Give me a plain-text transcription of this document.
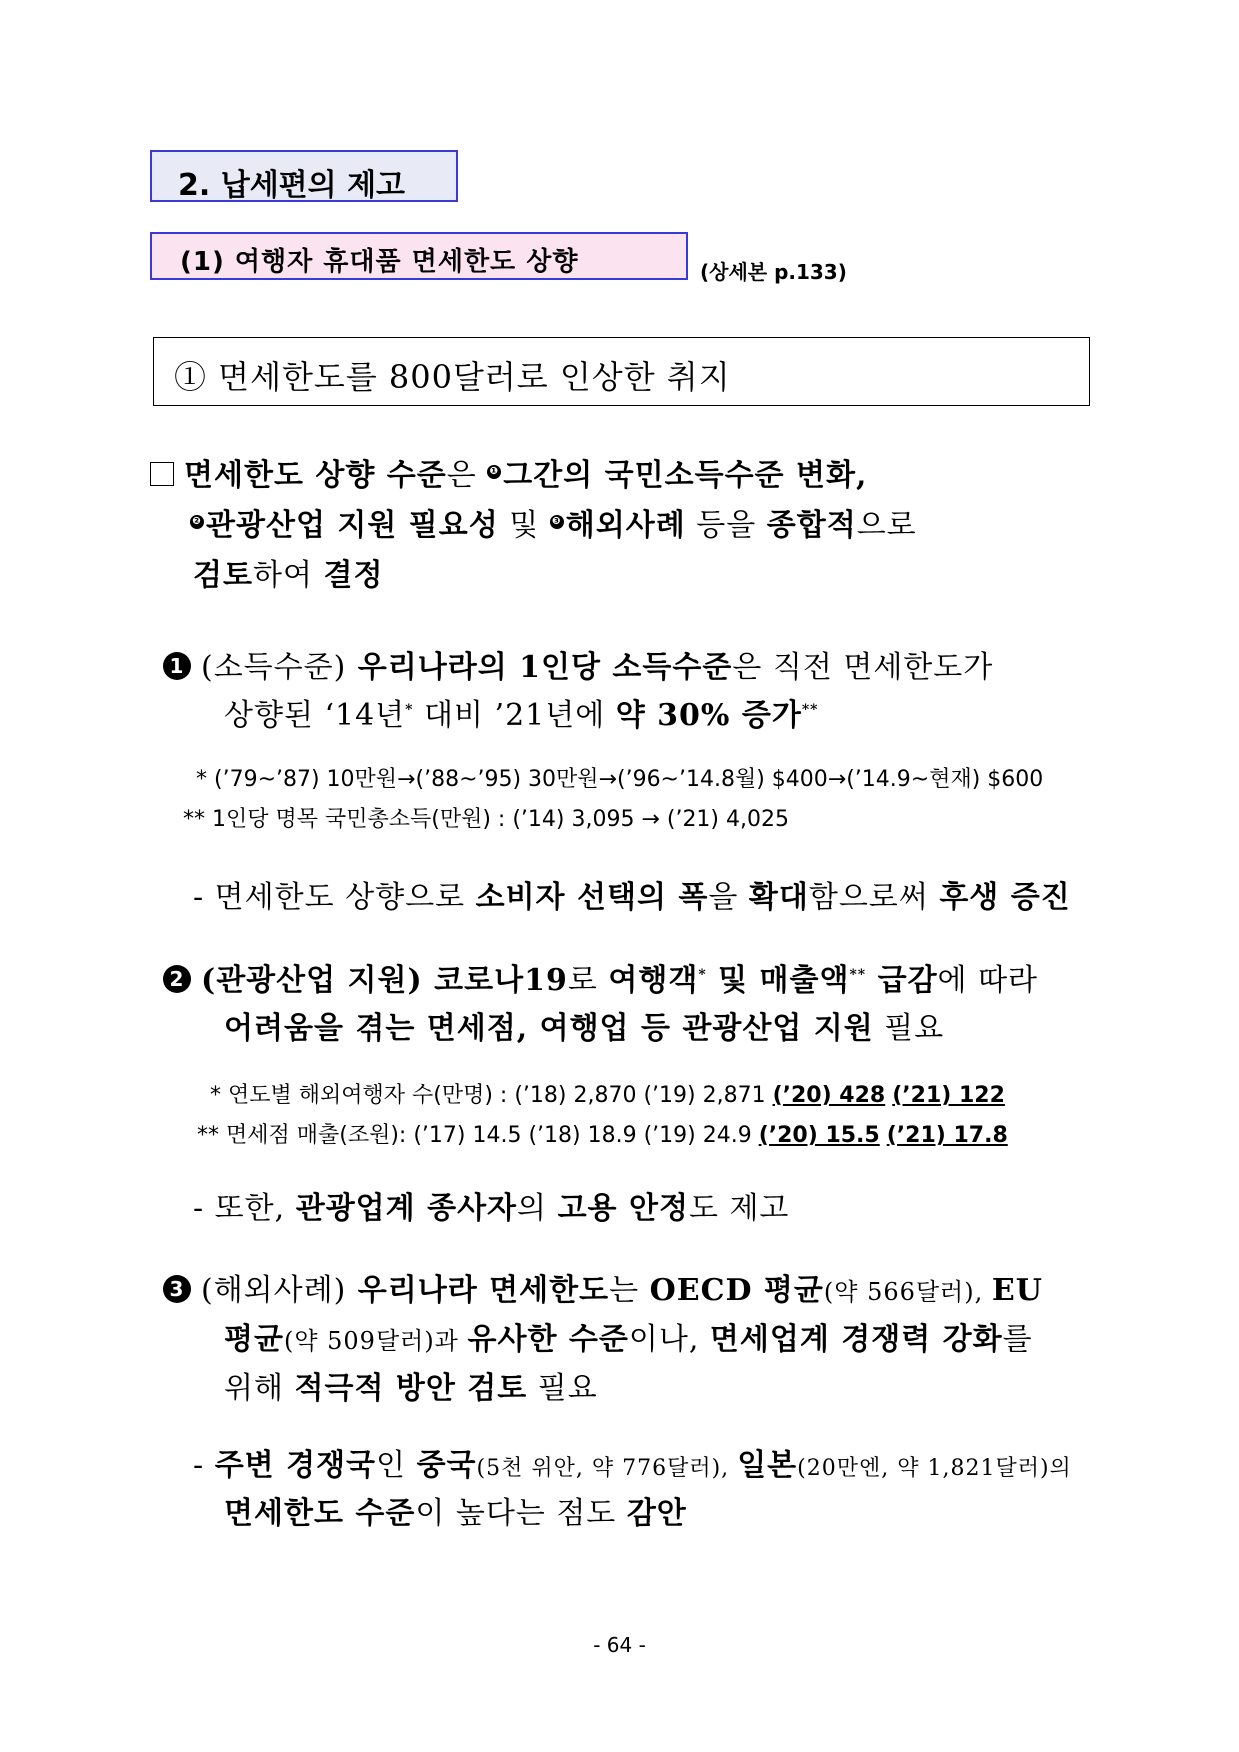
2. 납세편의 제고
(1) 여행자 휴대품 면세한도 상향	(상세본 p.133)
① 면세한도를 800달러로 인상한 취지
면세한도 상향 수준은 ❶ 그간의 국민소득수준 변화,
❷ 관광산업 지원 필요성 및 ❸ 해외사례 등을 종합적으로
검토하여 결정
1 (소득수준) 우리나라의 1인당 소득수준은 직전 면세한도가
상향된 ‘14년* 대비 ’21년에 약 30% 증가**
* (’79~’87) 10만원→(’88~’95) 30만원→(’96~’14.8월) $400→(’14.9~현재) $600
** 1인당 명목 국민총소득(만원) : (’14) 3,095 → (’21) 4,025
- 면세한도 상향으로 소비자 선택의 폭을 확대함으로써 후생 증진
2 (관광산업 지원) 코로나19로 여행객* 및 매출액** 급감에 따라
어려움을 겪는 면세점, 여행업 등 관광산업 지원 필요
* 연도별 해외여행자 수(만명) : (’18) 2,870 (’19) 2,871 (’20) 428 (’21) 122
** 면세점 매출(조원): (’17) 14.5 (’18) 18.9 (’19) 24.9 (’20) 15.5 (’21) 17.8
- 또한, 관광업계 종사자의 고용 안정도 제고
3 (해외사례) 우리나라 면세한도는 OECD 평균(약 566달러), EU
평균(약 509달러)과 유사한 수준이나, 면세업계 경쟁력 강화를
위해 적극적 방안 검토 필요
- 주변 경쟁국인 중국(5천 위안, 약 776달러), 일본(20만엔, 약 1,821달러)의
면세한도 수준이 높다는 점도 감안
- 64 -
